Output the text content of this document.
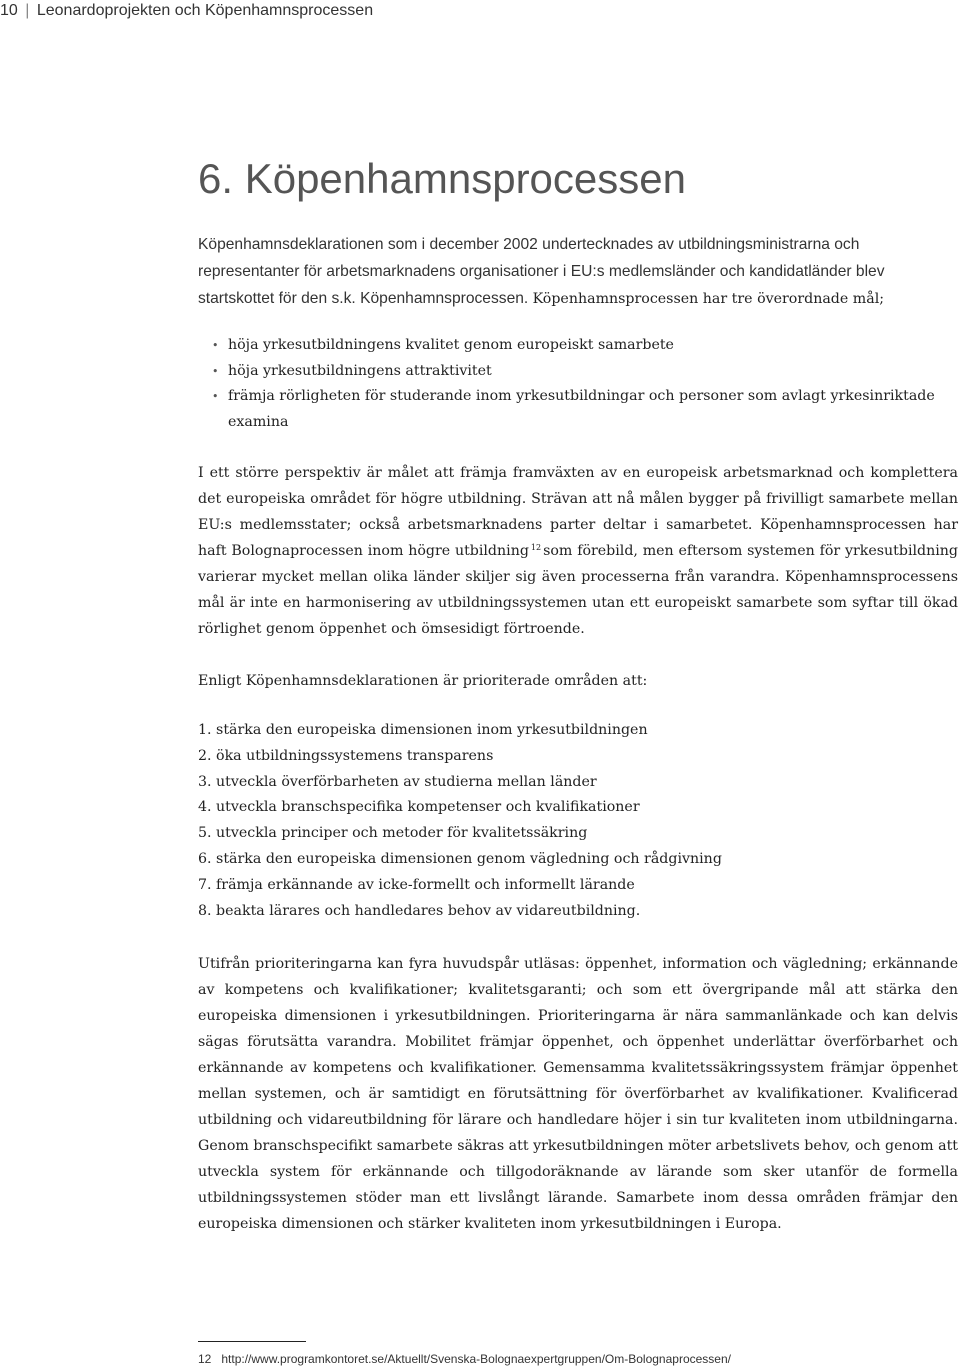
10 | Leonardoprojekten och Köpenhamnsprocessen
6. Köpenhamnsprocessen

Köpenhamnsdeklarationen som i december 2002 undertecknades av utbildningsministrarna och representanter för arbetsmarknadens organisationer i EU:s medlemsländer och kandidatländer blev startskottet för den s.k. Köpenhamnsprocessen. Köpenhamnsprocessen har tre överordnade mål;

• höja yrkesutbildningens kvalitet genom europeiskt samarbete
• höja yrkesutbildningens attraktivitet
• främja rörligheten för studerande inom yrkesutbildningar och personer som avlagt yrkesinriktade examina

I ett större perspektiv är målet att främja framväxten av en europeisk arbetsmarknad och komplettera det europeiska området för högre utbildning. Strävan att nå målen bygger på frivilligt samarbete mellan EU:s medlemsstater; också arbetsmarknadens parter deltar i samarbetet. Köpenhamnsprocessen har haft Bolognaprocessen inom högre utbildning $^{12}$ som förebild, men eftersom systemen för yrkesutbildning varierar mycket mellan olika länder skiljer sig även processerna från varandra. Köpenhamnsprocessens mål är inte en harmonisering av utbildningssystemen utan ett europeiskt samarbete som syftar till ökad rörlighet genom öppenhet och ömsesidigt förtroende.

Enligt Köpenhamnsdeklarationen är prioriterade områden att:

1. stärka den europeiska dimensionen inom yrkesutbildningen
2. öka utbildningssystemens transparens
3. utveckla överförbarheten av studierna mellan länder
4. utveckla branschspecifika kompetenser och kvalifikationer
5. utveckla principer och metoder för kvalitetssäkring
6. stärka den europeiska dimensionen genom vägledning och rådgivning
7. främja erkännande av icke-formellt och informellt lärande
8. beakta lärares och handledares behov av vidareutbildning.

Utifrån prioriteringarna kan fyra huvudspår utläsas: öppenhet, information och vägledning; erkännande av kompetens och kvalifikationer; kvalitetsgaranti; och som ett övergripande mål att stärka den europeiska dimensionen i yrkesutbildningen. Prioriteringarna är nära sammanlänkade och kan delvis sägas förutsätta varandra. Mobilitet främjar öppenhet, och öppenhet underlättar överförbarhet och erkännande av kompetens och kvalifikationer. Gemensamma kvalitetssäkringssystem främjar öppenhet mellan systemen, och är samtidigt en förutsättning för överförbarhet av kvalifikationer. Kvalificerad utbildning och vidareutbildning för lärare och handledare höjer i sin tur kvaliteten inom utbildningarna. Genom branschspecifikt samarbete säkras att yrkesutbildningen möter arbetslivets behov, och genom att utveckla system för erkännande och tillgodoräknande av lärande som sker utanför de formella utbildningssystemen stöder man ett livslångt lärande. Samarbete inom dessa områden främjar den europeiska dimensionen och stärker kvaliteten inom yrkesutbildningen i Europa.

12 http://www.programkontoret.se/Aktuellt/Svenska-Bolognaexpertgruppen/Om-Bolognaprocessen/
